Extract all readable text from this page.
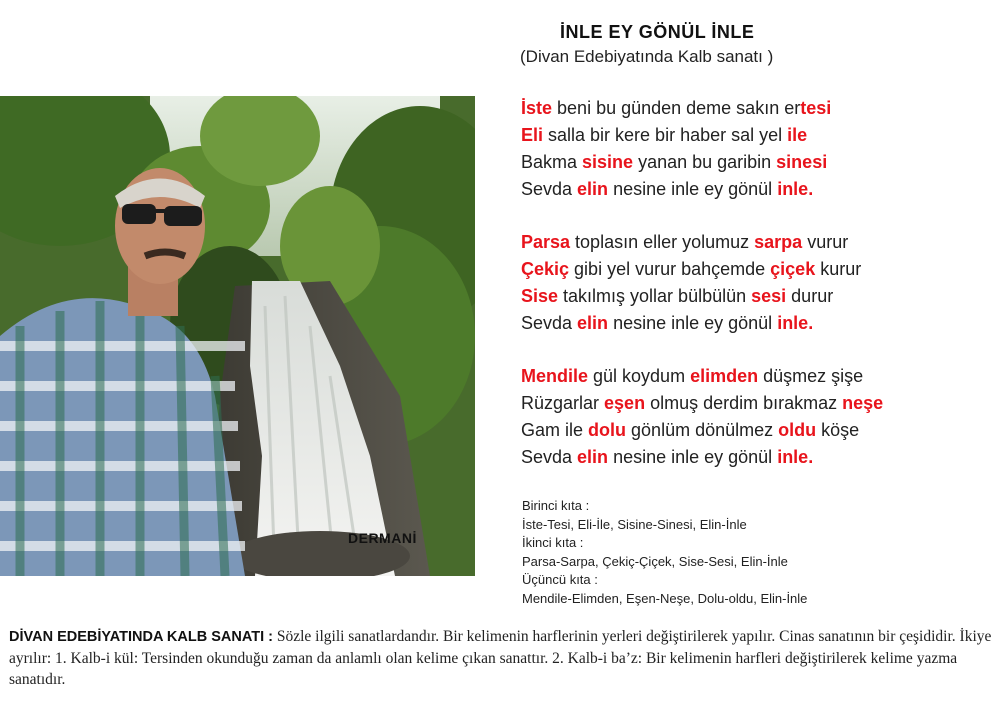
DERMANİ
İNLE EY GÖNÜL İNLE
(Divan Edebiyatında Kalb sanatı )
İste beni bu günden deme sakın ertesi
Eli salla bir kere bir haber sal yel ile
Bakma sisine yanan bu garibin sinesi
Sevda elin nesine inle ey gönül inle.
Parsa toplasın eller yolumuz sarpa vurur
Çekiç gibi yel vurur bahçemde çiçek kurur
Sise takılmış yollar bülbülün sesi durur
Sevda elin nesine inle ey gönül inle.
Mendile gül koydum elimden düşmez şişe
Rüzgarlar eşen olmuş derdim bırakmaz neşe
Gam ile dolu gönlüm dönülmez oldu köşe
Sevda elin nesine inle ey gönül inle.
Birinci kıta :
İste-Tesi, Eli-İle, Sisine-Sinesi, Elin-İnle
İkinci kıta :
Parsa-Sarpa, Çekiç-Çiçek, Sise-Sesi, Elin-İnle
Üçüncü kıta :
Mendile-Elimden, Eşen-Neşe, Dolu-oldu, Elin-İnle
DİVAN EDEBİYATINDA KALB SANATI : Sözle ilgili sanatlardandır. Bir kelimenin harflerinin yerleri değiştirilerek yapılır. Cinas sanatının bir çeşididir. İkiye ayrılır: 1. Kalb-i kül: Tersinden okunduğu zaman da anlamlı olan kelime çıkan sanattır. 2. Kalb-i ba’z: Bir kelimenin harfleri değiştirilerek kelime yazma sanatıdır.
